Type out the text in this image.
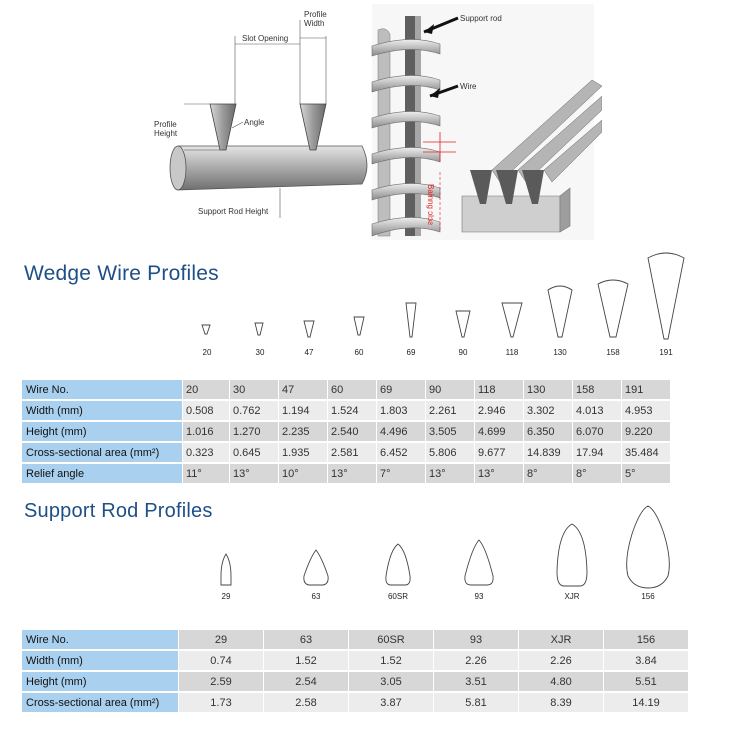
Profile
Width
Slot Opening
Profile
Height
Angle
Support Rod Height
Support rod
Wire
Bainng ɔlɔƨ
Wedge Wire Profiles
20	30	47	60	69	90	118	130	158	191
Wire No.	20	30	47	60	69	90	118	130	158	191
Width (mm)	0.508	0.762	1.194	1.524	1.803	2.261	2.946	3.302	4.013	4.953
Height (mm)	1.016	1.270	2.235	2.540	4.496	3.505	4.699	6.350	6.070	9.220
Cross-sectional area (mm²)	0.323	0.645	1.935	2.581	6.452	5.806	9.677	14.839	17.94	35.484
Relief angle	11°	13°	10°	13°	7°	13°	13°	8°	8°	5°
Support Rod Profiles
29	63	60SR	93	XJR	156
Wire No.	29	63	60SR	93	XJR	156
Width (mm)	0.74	1.52	1.52	2.26	2.26	3.84
Height (mm)	2.59	2.54	3.05	3.51	4.80	5.51
Cross-sectional area (mm²)	1.73	2.58	3.87	5.81	8.39	14.19
